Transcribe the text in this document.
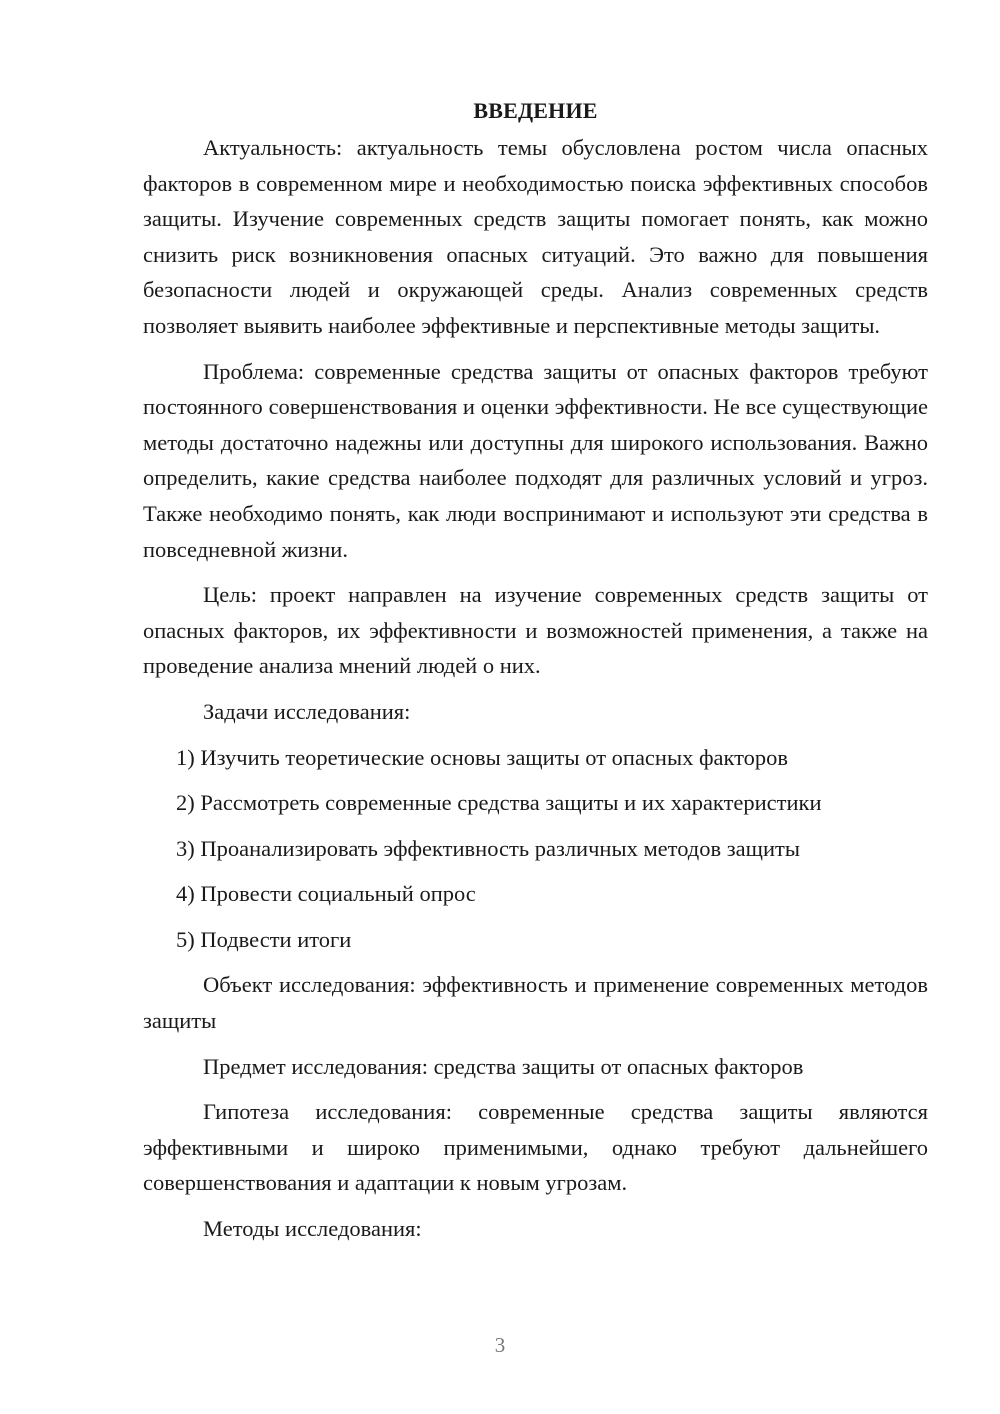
ВВЕДЕНИЕ

Актуальность: актуальность темы обусловлена ростом числа опасных факторов в современном мире и необходимостью поиска эффективных способов защиты. Изучение современных средств защиты помогает понять, как можно снизить риск возникновения опасных ситуаций. Это важно для повышения безопасности людей и окружающей среды. Анализ современных средств позволяет выявить наиболее эффективные и перспективные методы защиты.

Проблема: современные средства защиты от опасных факторов требуют постоянного совершенствования и оценки эффективности. Не все существующие методы достаточно надежны или доступны для широкого использования. Важно определить, какие средства наиболее подходят для различных условий и угроз. Также необходимо понять, как люди воспринимают и используют эти средства в повседневной жизни.

Цель: проект направлен на изучение современных средств защиты от опасных факторов, их эффективности и возможностей применения, а также на проведение анализа мнений людей о них.

Задачи исследования:
1) Изучить теоретические основы защиты от опасных факторов
2) Рассмотреть современные средства защиты и их характеристики
3) Проанализировать эффективность различных методов защиты
4) Провести социальный опрос
5) Подвести итоги

Объект исследования: эффективность и применение современных методов защиты

Предмет исследования: средства защиты от опасных факторов

Гипотеза исследования: современные средства защиты являются эффективными и широко применимыми, однако требуют дальнейшего совершенствования и адаптации к новым угрозам.

Методы исследования:
3
